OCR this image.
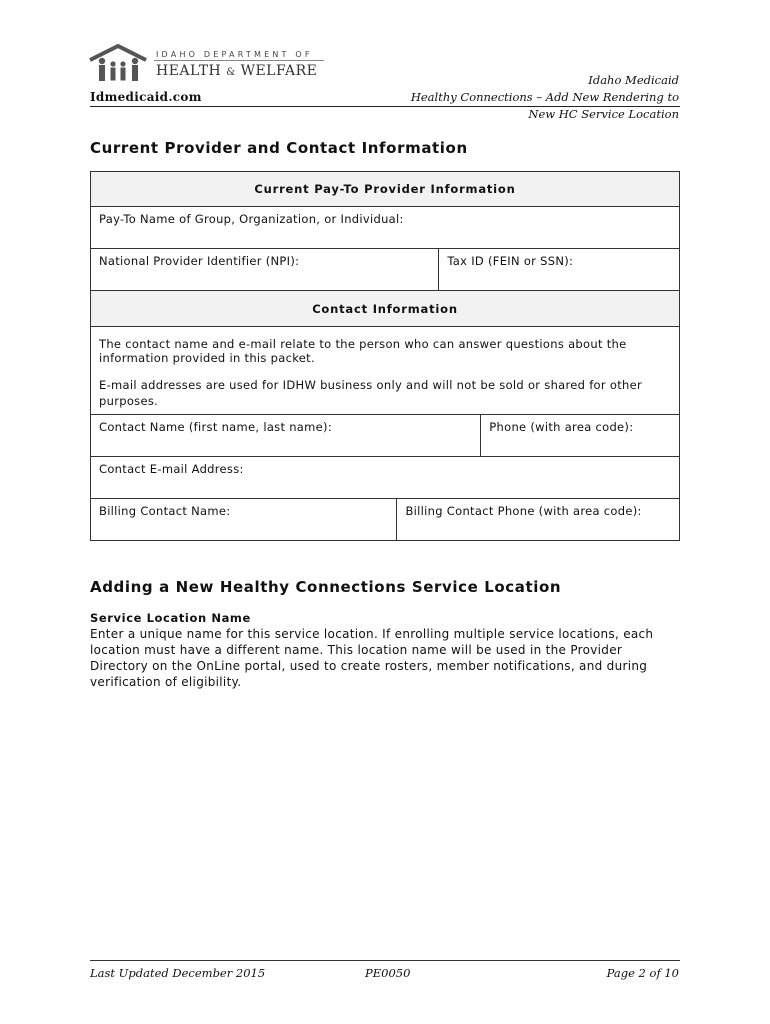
IDAHO DEPARTMENT OF
HEALTH & WELFARE
Idmedicaid.com
Idaho Medicaid
Healthy Connections – Add New Rendering to
New HC Service Location
Current Provider and Contact Information
Current Pay-To Provider Information			
Pay-To Name of Group, Organization, or Individual:			
National Provider Identifier (NPI):		Tax ID (FEIN or SSN):	
Contact Information			
The contact name and e-mail relate to the person who can answer questions about the information provided in this packet.			
E-mail addresses are used for IDHW business only and will not be sold or shared for other purposes.			
Contact Name (first name, last name):			Phone (with area code):
Contact E-mail Address:			
Billing Contact Name:	Billing Contact Phone (with area code):		
Adding a New Healthy Connections Service Location
Service Location Name
Enter a unique name for this service location. If enrolling multiple service locations, each location must have a different name. This location name will be used in the Provider Directory on the OnLine portal, used to create rosters, member notifications, and during verification of eligibility.
Last Updated December 2015	PE0050	Page 2 of 10
